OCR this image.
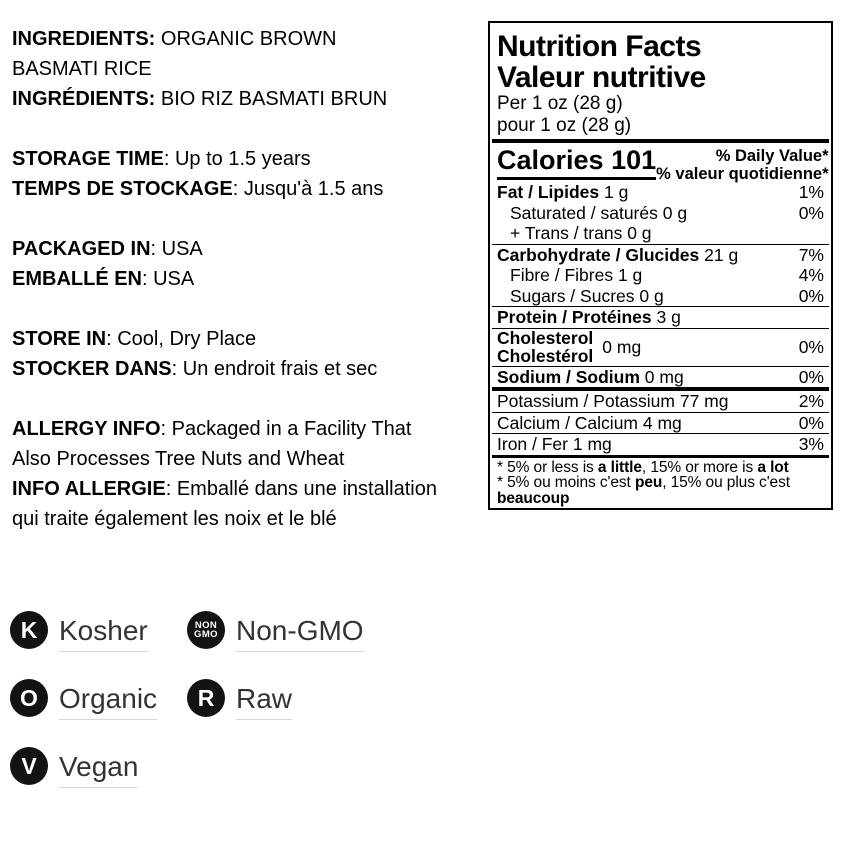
INGREDIENTS: ORGANIC BROWN
BASMATI RICE
INGRÉDIENTS: BIO RIZ BASMATI BRUN
STORAGE TIME: Up to 1.5 years
TEMPS DE STOCKAGE: Jusqu'à 1.5 ans
PACKAGED IN: USA
EMBALLÉ EN: USA
STORE IN: Cool, Dry Place
STOCKER DANS: Un endroit frais et sec
ALLERGY INFO: Packaged in a Facility That
Also Processes Tree Nuts and Wheat
INFO ALLERGIE: Emballé dans une installation
qui traite également les noix et le blé
Nutrition Facts
Valeur nutritive
Per 1 oz (28 g)
pour 1 oz (28 g)
Calories 101	% Daily Value*
% valeur quotidienne*
Fat / Lipides 1 g	1%
Saturated / saturés 0 g	0%
+ Trans / trans 0 g
Carbohydrate / Glucides 21 g	7%
Fibre / Fibres 1 g	4%
Sugars / Sucres 0 g	0%
Protein / Protéines 3 g
Cholesterol
Cholestérol 0 mg	0%
Sodium / Sodium 0 mg	0%
Potassium / Potassium 77 mg	2%
Calcium / Calcium 4 mg	0%
Iron / Fer 1 mg	3%
* 5% or less is a little, 15% or more is a lot
* 5% ou moins c'est peu, 15% ou plus c'est beaucoup
K Kosher	NON
GMO Non-GMO
O Organic R Raw
V Vegan
